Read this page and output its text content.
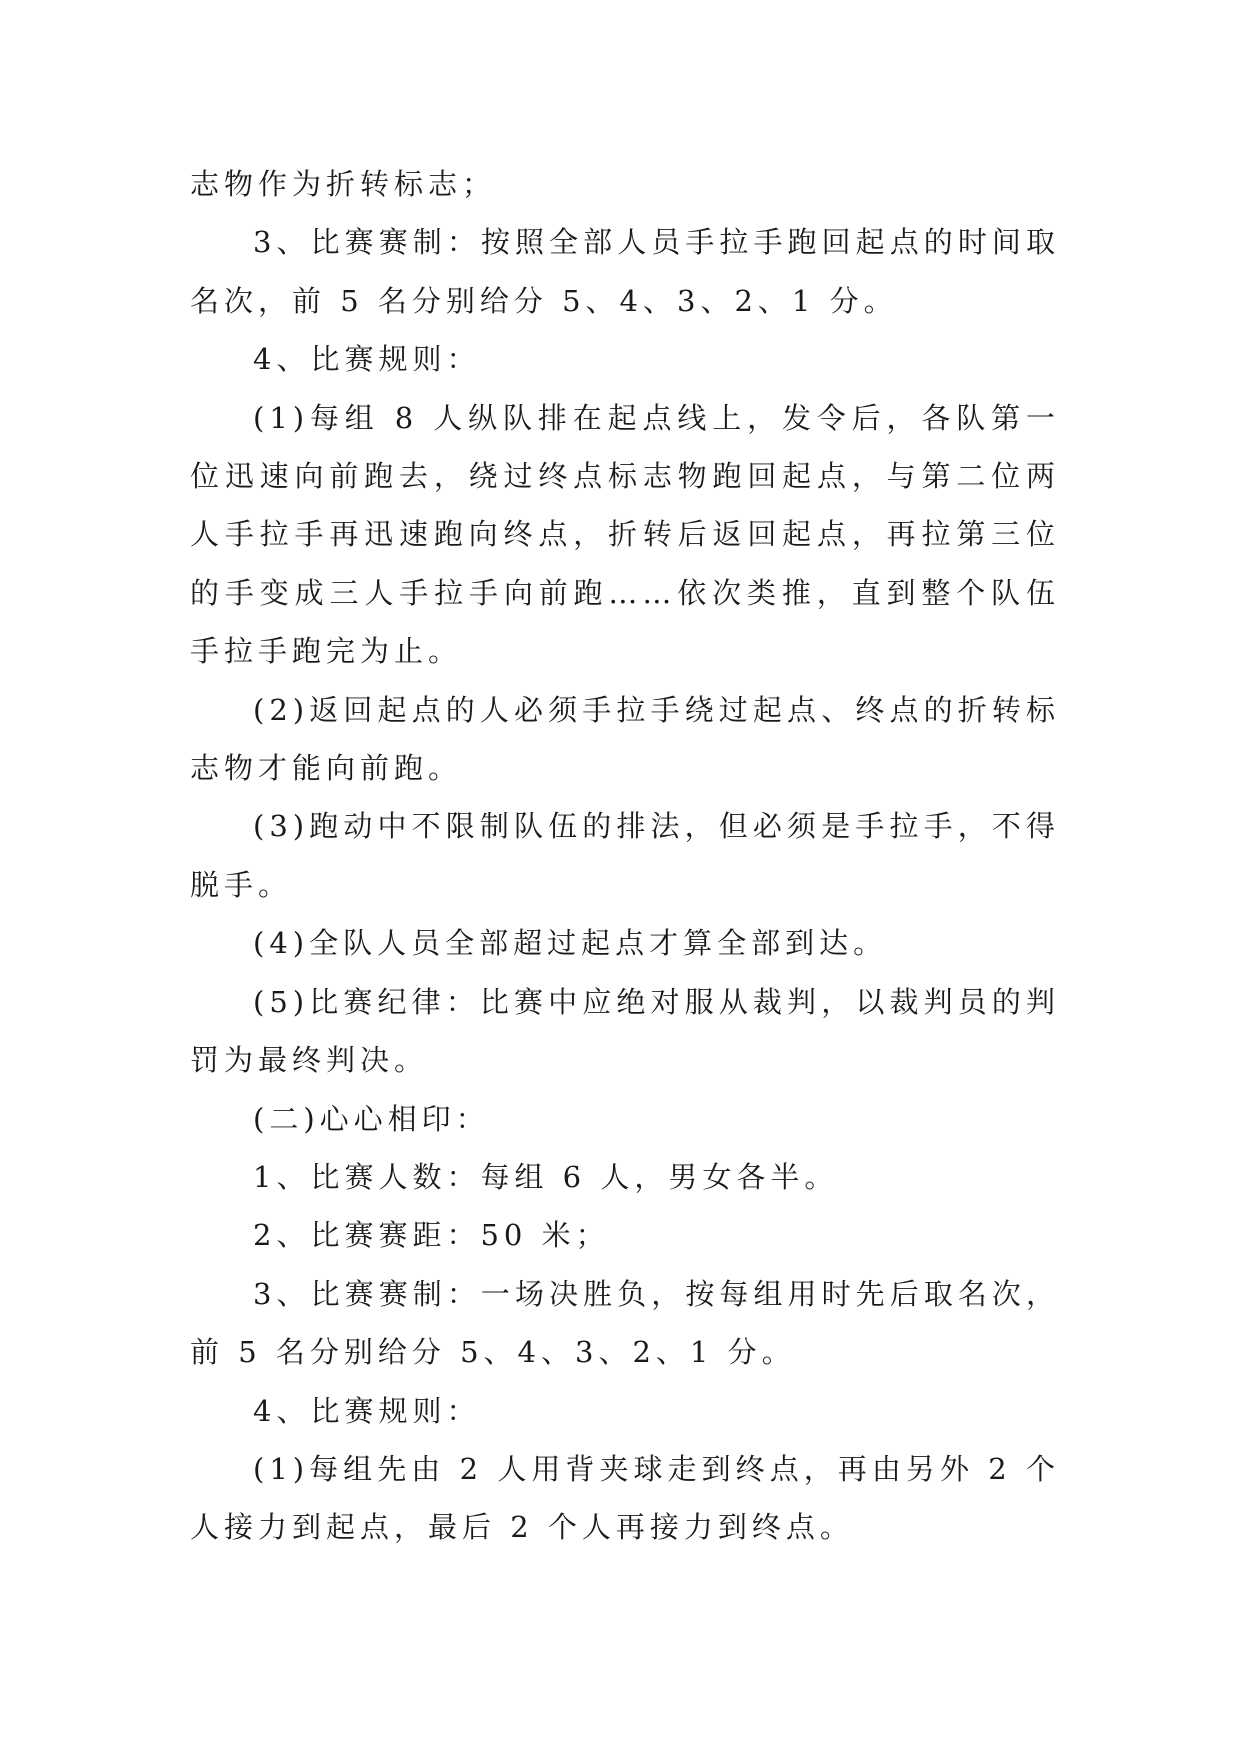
志物作为折转标志；

3、比赛赛制：按照全部人员手拉手跑回起点的时间取名次，前 5 名分别给分 5、4、3、2、1 分。

4、比赛规则：

(1)每组 8 人纵队排在起点线上，发令后，各队第一位迅速向前跑去，绕过终点标志物跑回起点，与第二位两人手拉手再迅速跑向终点，折转后返回起点，再拉第三位的手变成三人手拉手向前跑……依次类推，直到整个队伍手拉手跑完为止。

(2)返回起点的人必须手拉手绕过起点、终点的折转标志物才能向前跑。

(3)跑动中不限制队伍的排法，但必须是手拉手，不得脱手。

(4)全队人员全部超过起点才算全部到达。

(5)比赛纪律：比赛中应绝对服从裁判，以裁判员的判罚为最终判决。

(二)心心相印：

1、比赛人数：每组 6 人，男女各半。

2、比赛赛距：50 米；

3、比赛赛制：一场决胜负，按每组用时先后取名次，前 5 名分别给分 5、4、3、2、1 分。

4、比赛规则：

(1)每组先由 2 人用背夹球走到终点，再由另外 2 个人接力到起点，最后 2 个人再接力到终点。
